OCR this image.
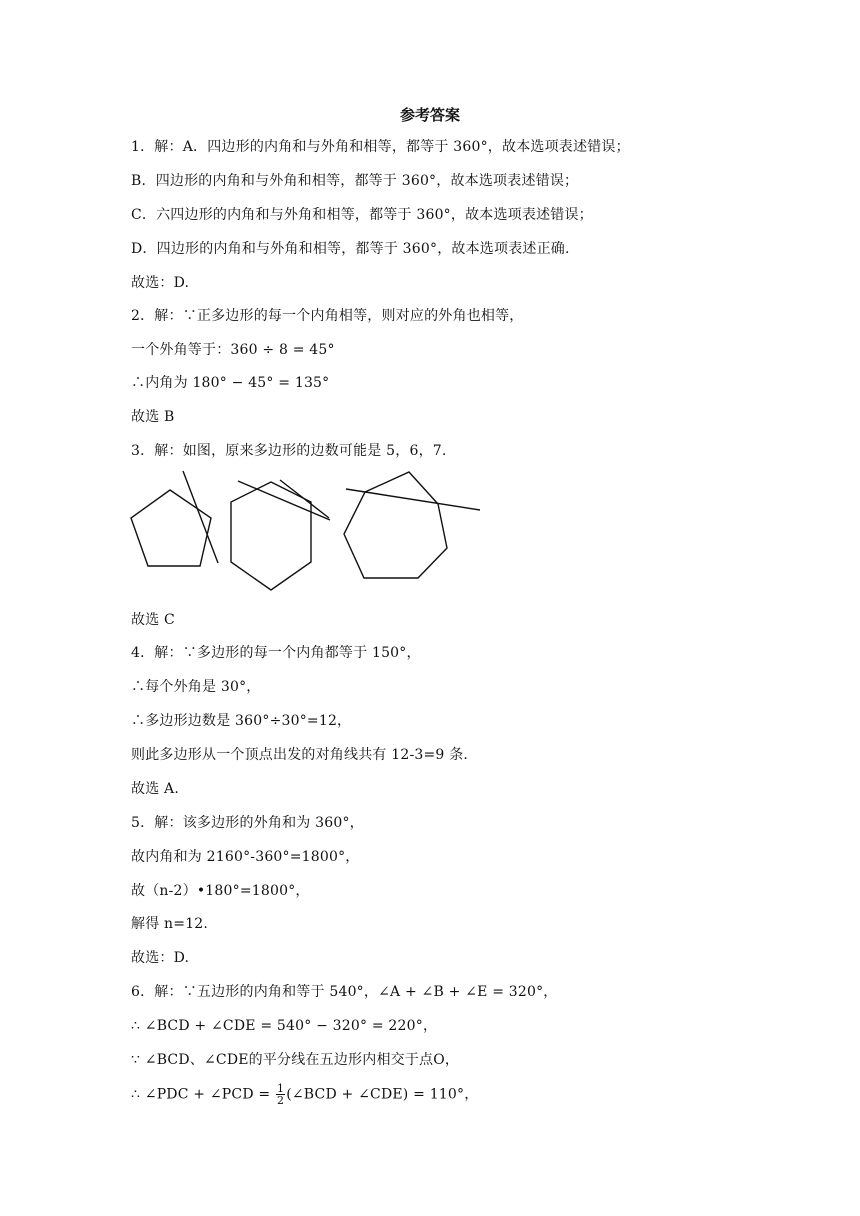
参考答案
1．解：A．四边形的内角和与外角和相等，都等于 360°，故本选项表述错误；
B．四边形的内角和与外角和相等，都等于 360°，故本选项表述错误；
C．六四边形的内角和与外角和相等，都等于 360°，故本选项表述错误；
D．四边形的内角和与外角和相等，都等于 360°，故本选项表述正确.
故选：D.
2．解：∵正多边形的每一个内角相等，则对应的外角也相等，
一个外角等于：360 ÷ 8 = 45°
∴内角为 180° − 45° = 135°
故选 B
3．解：如图，原来多边形的边数可能是 5，6，7.
故选 C
4．解：∵多边形的每一个内角都等于 150°，
∴每个外角是 30°，
∴多边形边数是 360°÷30°=12，
则此多边形从一个顶点出发的对角线共有 12-3=9 条.
故选 A.
5．解：该多边形的外角和为 360°，
故内角和为 2160°-360°=1800°，
故（n-2）•180°=1800°，
解得 n=12.
故选：D.
6．解：∵五边形的内角和等于 540°，∠A + ∠B + ∠E = 320°，
∴ ∠BCD + ∠CDE = 540° − 320° = 220°，
∵ ∠BCD、∠CDE的平分线在五边形内相交于点O，
∴ ∠PDC + ∠PCD = $\frac{1}{2}$ (∠BCD + ∠CDE) = 110°，
